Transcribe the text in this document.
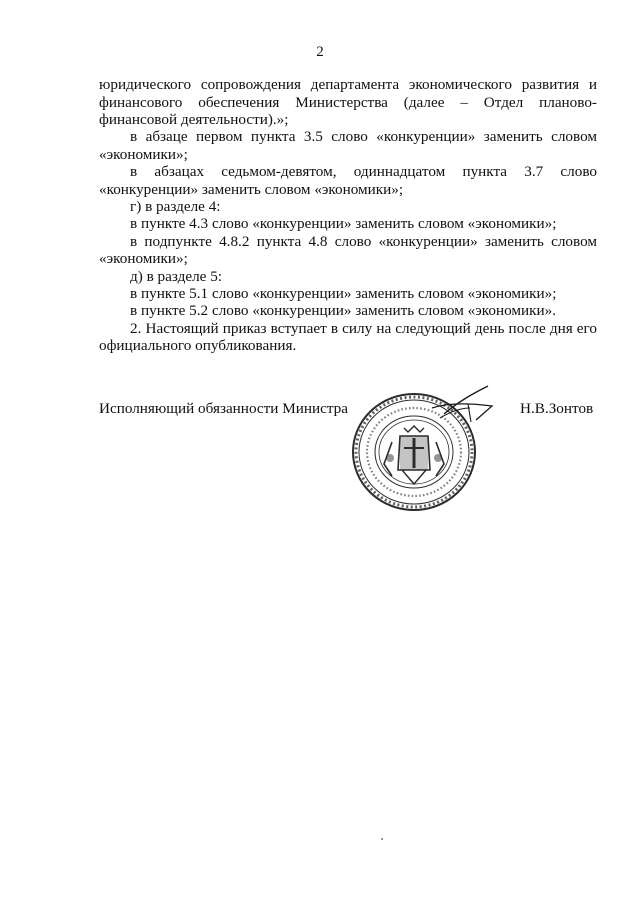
2
юридического сопровождения департамента экономического развития и
финансового обеспечения Министерства (далее – Отдел планово-
финансовой деятельности).»;
в абзаце первом пункта 3.5 слово «конкуренции» заменить словом
«экономики»;
в абзацах седьмом-девятом, одиннадцатом пункта 3.7 слово
«конкуренции» заменить словом «экономики»;
г) в разделе 4:
в пункте 4.3 слово «конкуренции» заменить словом «экономики»;
в подпункте 4.8.2 пункта 4.8 слово «конкуренции» заменить словом
«экономики»;
д) в разделе 5:
в пункте 5.1 слово «конкуренции» заменить словом «экономики»;
в пункте 5.2 слово «конкуренции» заменить словом «экономики».
2. Настоящий приказ вступает в силу на следующий день после дня его
официального опубликования.
Исполняющий обязанности Министра	Н.В.Зонтов
